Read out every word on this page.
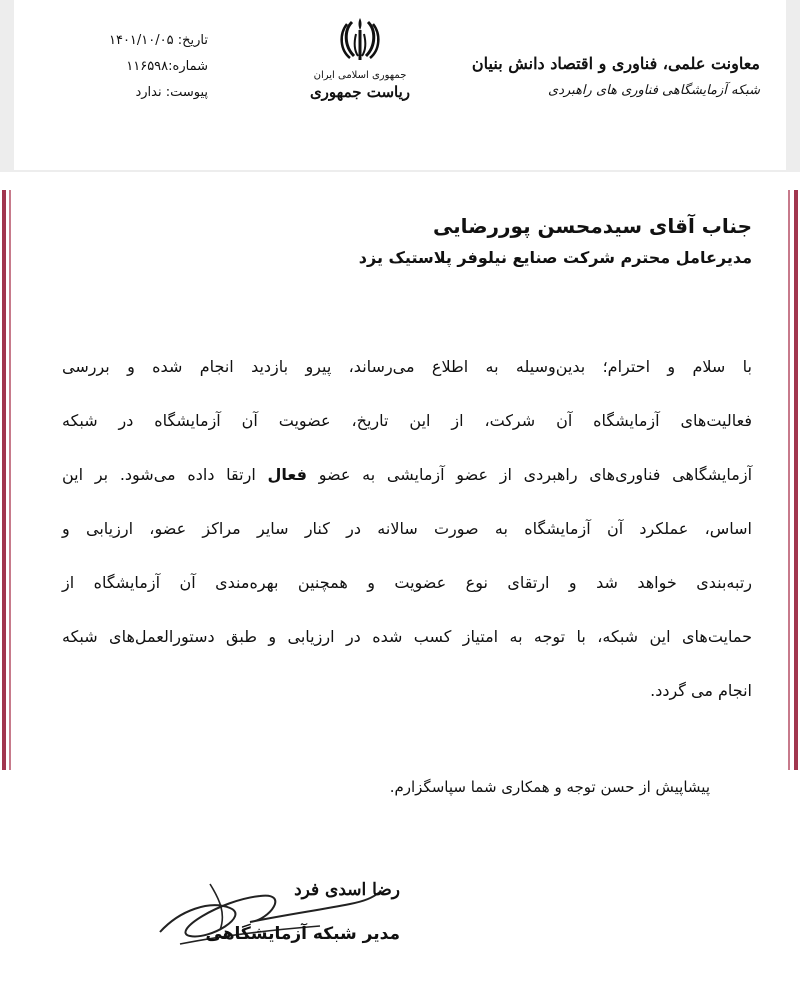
تاریخ: ۱۴۰۱/۱۰/۰۵
شماره:۱۱۶۵۹۸
پیوست: ندارد
جمهوری اسلامی ایران
ریاست جمهوری
معاونت علمی، فناوری و اقتصاد دانش بنیان
شبکه آزمایشگاهی فناوری های راهبردی
جناب آقای سیدمحسن پوررضایی
مدیرعامل محترم شرکت صنایع نیلوفر پلاستیک یزد
با سلام و احترام؛ بدین‌وسیله به اطلاع می‌رساند، پیرو بازدید انجام شده و بررسی
فعالیت‌های آزمایشگاه آن شرکت، از این تاریخ، عضویت آن آزمایشگاه در شبکه
آزمایشگاهی فناوری‌های راهبردی از عضو آزمایشی به عضو فعال ارتقا داده می‌شود. بر این
اساس، عملکرد آن آزمایشگاه به صورت سالانه در کنار سایر مراکز عضو، ارزیابی و
رتبه‌بندی خواهد شد و ارتقای نوع عضویت و همچنین بهره‌مندی آن آزمایشگاه از
حمایت‌های این شبکه، با توجه به امتیاز کسب شده در ارزیابی و طبق دستورالعمل‌های شبکه
انجام می گردد.
پیشاپیش از حسن توجه و همکاری شما سپاسگزارم.
رضا اسدی فرد
مدیر شبکه آزمایشگاهی
